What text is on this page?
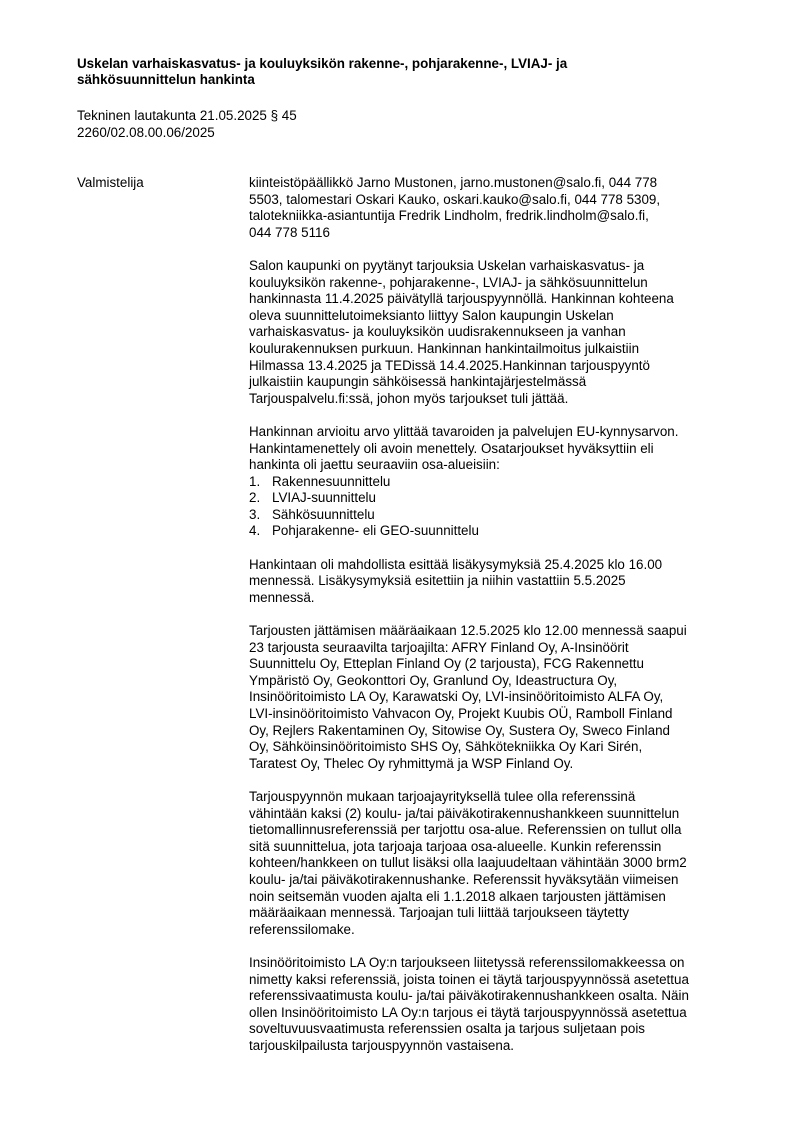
Uskelan varhaiskasvatus- ja kouluyksikön rakenne-, pohjarakenne-, LVIAJ- ja
sähkösuunnittelun hankinta
Tekninen lautakunta 21.05.2025 § 45
2260/02.08.00.06/2025
Valmistelija	kiinteistöpäällikkö Jarno Mustonen, jarno.mustonen@salo.fi, 044 778
5503, talomestari Oskari Kauko, oskari.kauko@salo.fi, 044 778 5309,
talotekniikka-asiantuntija Fredrik Lindholm, fredrik.lindholm@salo.fi,
044 778 5116

Salon kaupunki on pyytänyt tarjouksia Uskelan varhaiskasvatus- ja
kouluyksikön rakenne-, pohjarakenne-, LVIAJ- ja sähkösuunnittelun
hankinnasta 11.4.2025 päivätyllä tarjouspyynnöllä. Hankinnan kohteena
oleva suunnittelutoimeksianto liittyy Salon kaupungin Uskelan
varhaiskasvatus- ja kouluyksikön uudisrakennukseen ja vanhan
koulurakennuksen purkuun. Hankinnan hankintailmoitus julkaistiin
Hilmassa 13.4.2025 ja TEDissä 14.4.2025.Hankinnan tarjouspyyntö
julkaistiin kaupungin sähköisessä hankintajärjestelmässä
Tarjouspalvelu.fi:ssä, johon myös tarjoukset tuli jättää.

Hankinnan arvioitu arvo ylittää tavaroiden ja palvelujen EU-kynnysarvon.
Hankintamenettely oli avoin menettely. Osatarjoukset hyväksyttiin eli
hankinta oli jaettu seuraaviin osa-alueisiin:
1. Rakennesuunnittelu
2. LVIAJ-suunnittelu
3. Sähkösuunnittelu
4. Pohjarakenne- eli GEO-suunnittelu

Hankintaan oli mahdollista esittää lisäkysymyksiä 25.4.2025 klo 16.00
mennessä. Lisäkysymyksiä esitettiin ja niihin vastattiin 5.5.2025
mennessä.

Tarjousten jättämisen määräaikaan 12.5.2025 klo 12.00 mennessä saapui
23 tarjousta seuraavilta tarjoajilta: AFRY Finland Oy, A-Insinöörit
Suunnittelu Oy, Etteplan Finland Oy (2 tarjousta), FCG Rakennettu
Ympäristö Oy, Geokonttori Oy, Granlund Oy, Ideastructura Oy,
Insinööritoimisto LA Oy, Karawatski Oy, LVI-insinööritoimisto ALFA Oy,
LVI-insinööritoimisto Vahvacon Oy, Projekt Kuubis OÜ, Ramboll Finland
Oy, Rejlers Rakentaminen Oy, Sitowise Oy, Sustera Oy, Sweco Finland
Oy, Sähköinsinööritoimisto SHS Oy, Sähkötekniikka Oy Kari Sirén,
Taratest Oy, Thelec Oy ryhmittymä ja WSP Finland Oy.

Tarjouspyynnön mukaan tarjoajayrityksellä tulee olla referenssinä
vähintään kaksi (2) koulu- ja/tai päiväkotirakennushankkeen suunnittelun
tietomallinnusreferenssiä per tarjottu osa-alue. Referenssien on tullut olla
sitä suunnittelua, jota tarjoaja tarjoaa osa-alueelle. Kunkin referenssin
kohteen/hankkeen on tullut lisäksi olla laajuudeltaan vähintään 3000 brm2
koulu- ja/tai päiväkotirakennushanke. Referenssit hyväksytään viimeisen
noin seitsemän vuoden ajalta eli 1.1.2018 alkaen tarjousten jättämisen
määräaikaan mennessä. Tarjoajan tuli liittää tarjoukseen täytetty
referenssilomake.

Insinööritoimisto LA Oy:n tarjoukseen liitetyssä referenssilomakkeessa on
nimetty kaksi referenssiä, joista toinen ei täytä tarjouspyynnössä asetettua
referenssivaatimusta koulu- ja/tai päiväkotirakennushankkeen osalta. Näin
ollen Insinööritoimisto LA Oy:n tarjous ei täytä tarjouspyynnössä asetettua
soveltuvuusvaatimusta referenssien osalta ja tarjous suljetaan pois
tarjouskilpailusta tarjouspyynnön vastaisena.
